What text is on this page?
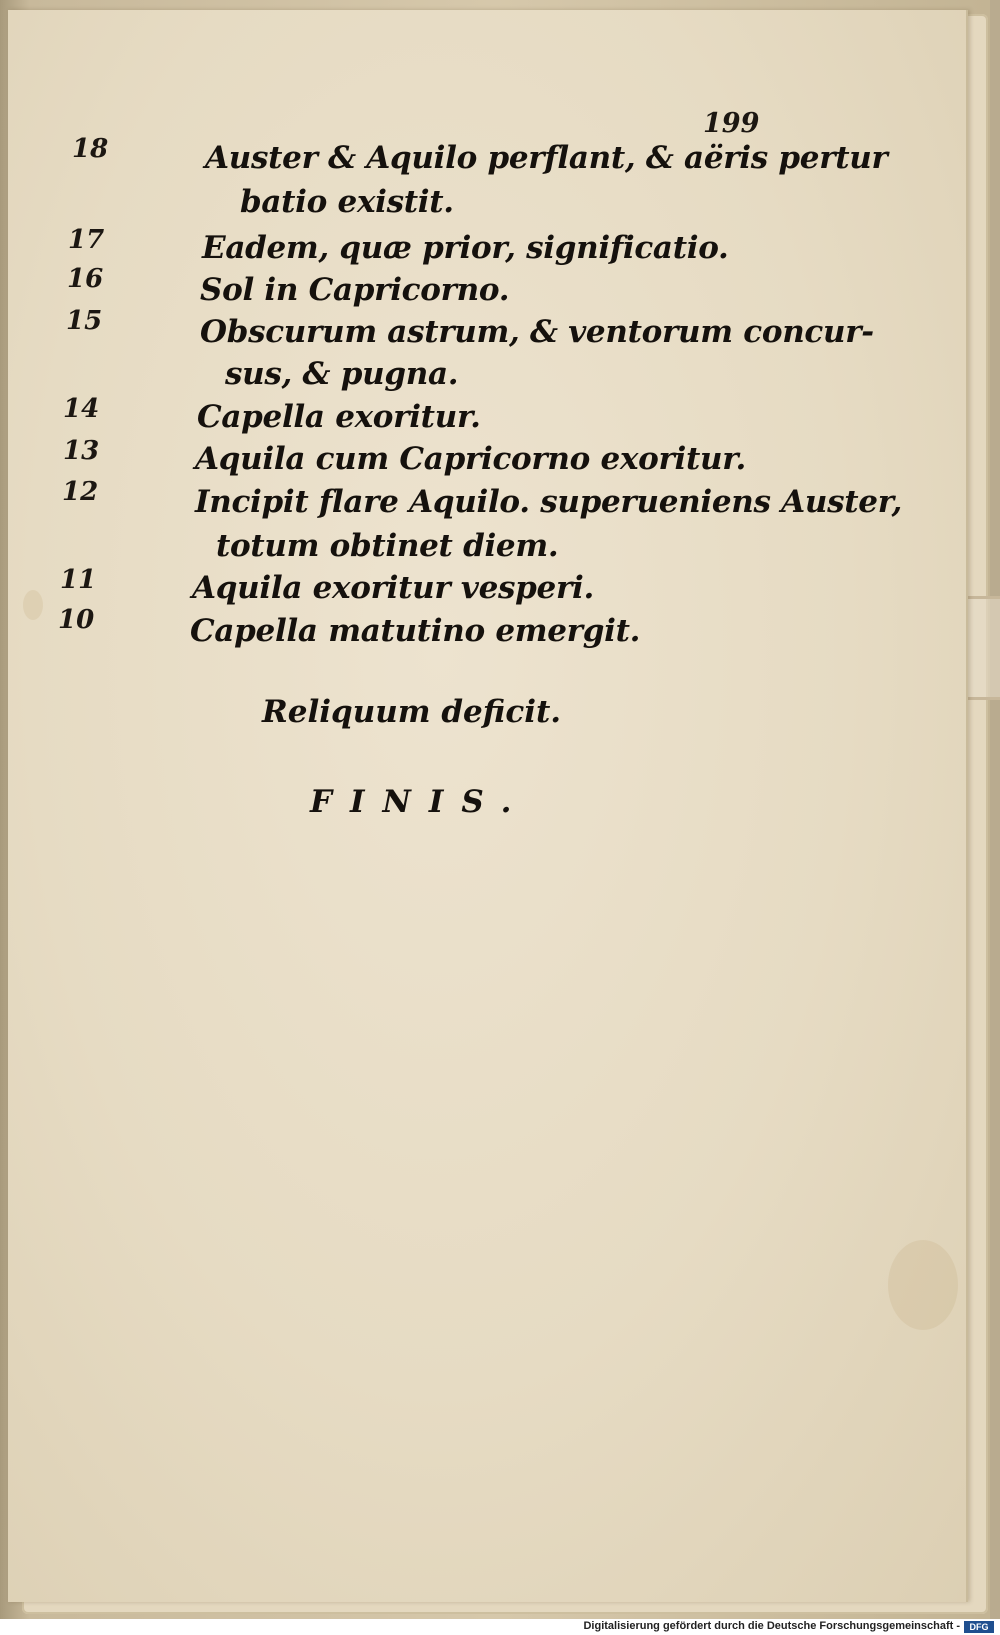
199
18	Auster & Aquilo perflant, & aëris pertur
batio existit.
17	Eadem, quæ prior, significatio.
16	Sol in Capricorno.
15	Obscurum astrum, & ventorum concur-
sus, & pugna.
14	Capella exoritur.
13	Aquila cum Capricorno exoritur.
12	Incipit flare Aquilo. superueniens Auster,
totum obtinet diem.
11	Aquila exoritur vesperi.
10	Capella matutino emergit.
Reliquum deficit.
FINIS.
Digitalisierung gefördert durch die Deutsche Forschungsgemeinschaft -	DFG
